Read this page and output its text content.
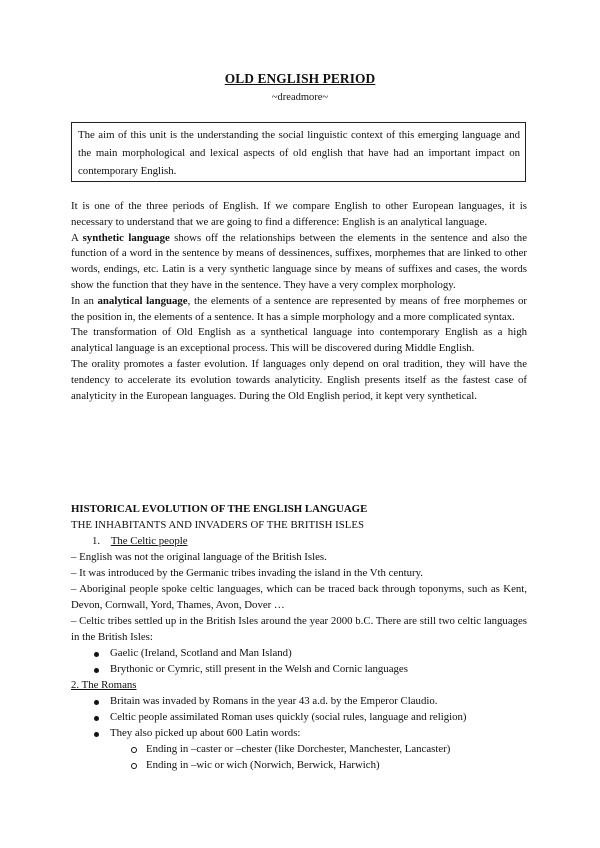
OLD ENGLISH PERIOD
~dreadmore~
The aim of this unit is the understanding the social linguistic context of this emerging language and the main morphological and lexical aspects of old english that have had an important impact on contemporary English.

It is one of the three periods of English. If we compare English to other European languages, it is necessary to understand that we are going to find a difference: English is an analytical language.

A synthetic language shows off the relationships between the elements in the sentence and also the function of a word in the sentence by means of dessinences, suffixes, morphemes that are linked to other words, endings, etc. Latin is a very synthetic language since by means of suffixes and cases, the words show the function that they have in the sentence. They have a very complex morphology.

In an analytical language, the elements of a sentence are represented by means of free morphemes or the position in, the elements of a sentence. It has a simple morphology and a more complicated syntax.

The transformation of Old English as a synthetical language into contemporary English as a high analytical language is an exceptional process. This will be discovered during Middle English.

The orality promotes a faster evolution. If languages only depend on oral tradition, they will have the tendency to accelerate its evolution towards analyticity. English presents itself as the fastest case of analyticity in the European languages. During the Old English period, it kept very synthetical.

HISTORICAL EVOLUTION OF THE ENGLISH LANGUAGE
THE INHABITANTS AND INVADERS OF THE BRITISH ISLES
1. The Celtic people
– English was not the original language of the British Isles.
– It was introduced by the Germanic tribes invading the island in the Vth century.
– Aboriginal people spoke celtic languages, which can be traced back through toponyms, such as Kent, Devon, Cornwall, Yord, Thames, Avon, Dover …
– Celtic tribes settled up in the British Isles around the year 2000 b.C. There are still two celtic languages in the British Isles:
Gaelic (Ireland, Scotland and Man Island)
Brythonic or Cymric, still present in the Welsh and Cornic languages
2. The Romans
Britain was invaded by Romans in the year 43 a.d. by the Emperor Claudio.
Celtic people assimilated Roman uses quickly (social rules, language and religion)
They also picked up about 600 Latin words:
Ending in –caster or –chester (like Dorchester, Manchester, Lancaster)
Ending in –wic or wich (Norwich, Berwick, Harwich)
